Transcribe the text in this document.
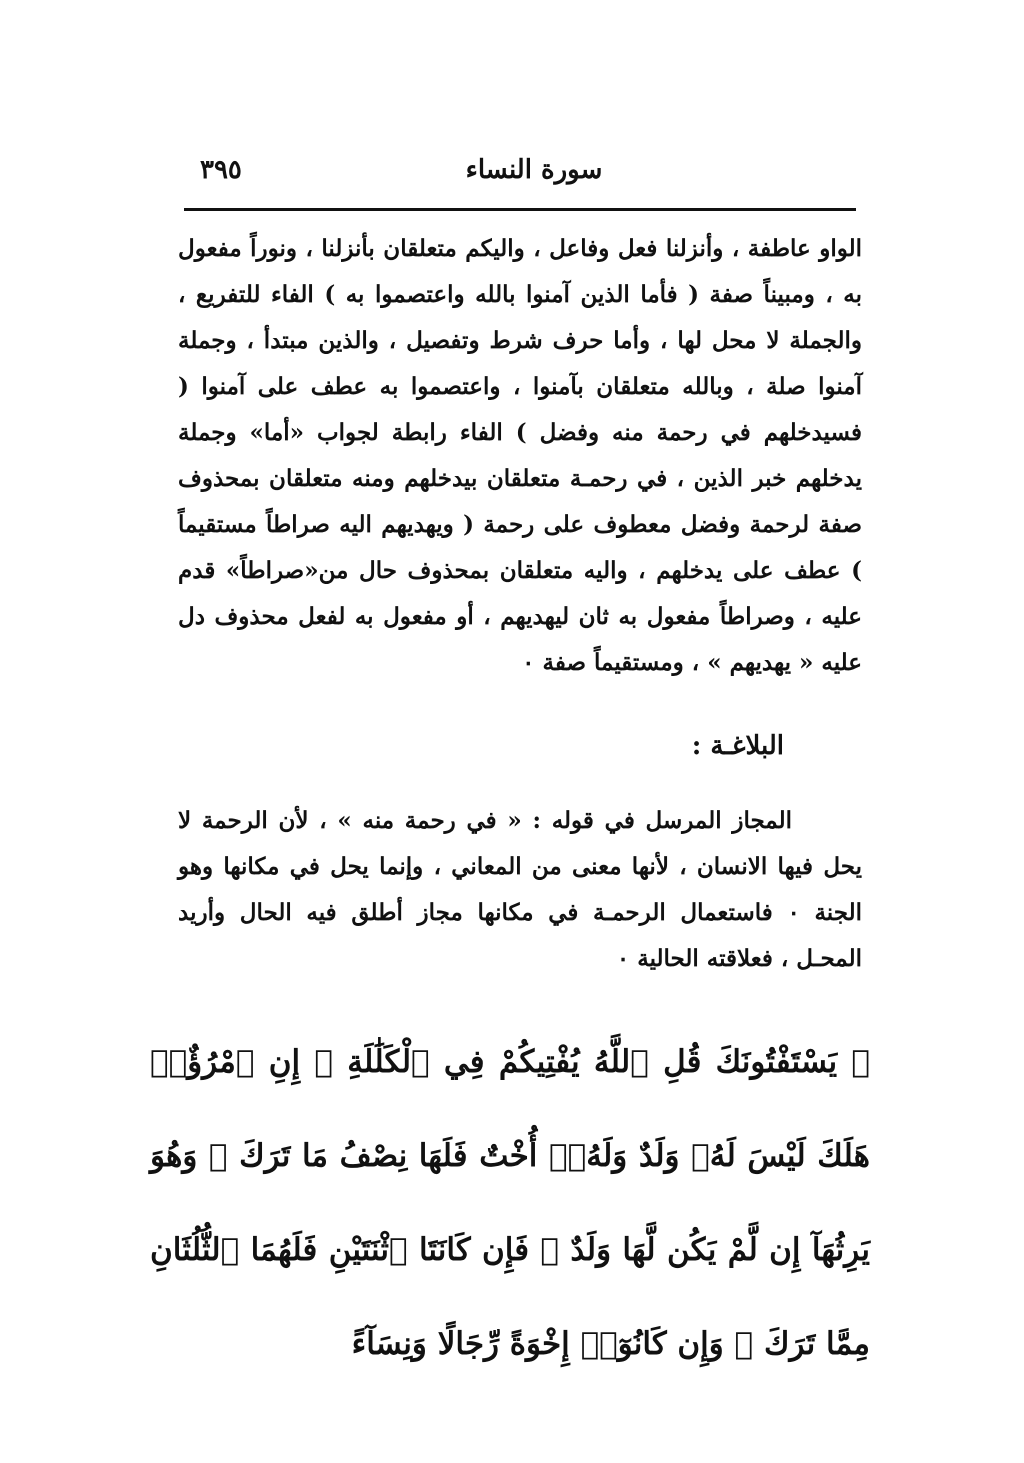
٣٩٥	سورة النساء

الواو عاطفة ، وأنزلنا فعل وفاعل ، واليكم متعلقان بأنزلنا ، ونوراً مفعول به ، ومبيناً صفة ( فأما الذين آمنوا بالله واعتصموا به ) الفاء للتفريع ، والجملة لا محل لها ، وأما حرف شرط وتفصيل ، والذين مبتدأ ، وجملة آمنوا صلة ، وبالله متعلقان بآمنوا ، واعتصموا به عطف على آمنوا ( فسيدخلهم في رحمة منه وفضل ) الفاء رابطة لجواب «أما» وجملة يدخلهم خبر الذين ، في رحمـة متعلقان بيدخلهم ومنه متعلقان بمحذوف صفة لرحمة وفضل معطوف على رحمة ( ويهديهم اليه صراطاً مستقيماً ) عطف على يدخلهم ، واليه متعلقان بمحذوف حال من«صراطاً» قدم عليه ، وصراطاً مفعول به ثان ليهديهم ، أو مفعول به لفعل محذوف دل عليه « يهديهم » ، ومستقيماً صفة ٠

البلاغـة :

المجاز المرسل في قوله : « في رحمة منه » ، لأن الرحمة لا يحل فيها الانسان ، لأنها معنى من المعاني ، وإنما يحل في مكانها وهو الجنة ٠ فاستعمال الرحمـة في مكانها مجاز أطلق فيه الحال وأريد المحـل ، فعلاقته الحالية ٠

﴿ يَسْتَفْتُونَكَ قُلِ ٱللَّهُ يُفْتِيكُمْ فِي ٱلْكَلَٰلَةِ ۚ إِنِ ٱمْرُؤٌا۟ هَلَكَ لَيْسَ لَهُۥ وَلَدٌ وَلَهُۥٓ أُخْتٌ فَلَهَا نِصْفُ مَا تَرَكَ ۚ وَهُوَ يَرِثُهَآ إِن لَّمْ يَكُن لَّهَا وَلَدٌ ۚ فَإِن كَانَتَا ٱثْنَتَيْنِ فَلَهُمَا ٱلثُّلُثَانِ مِمَّا تَرَكَ ۚ وَإِن كَانُوٓا۟ إِخْوَةً رِّجَالًا وَنِسَآءً
